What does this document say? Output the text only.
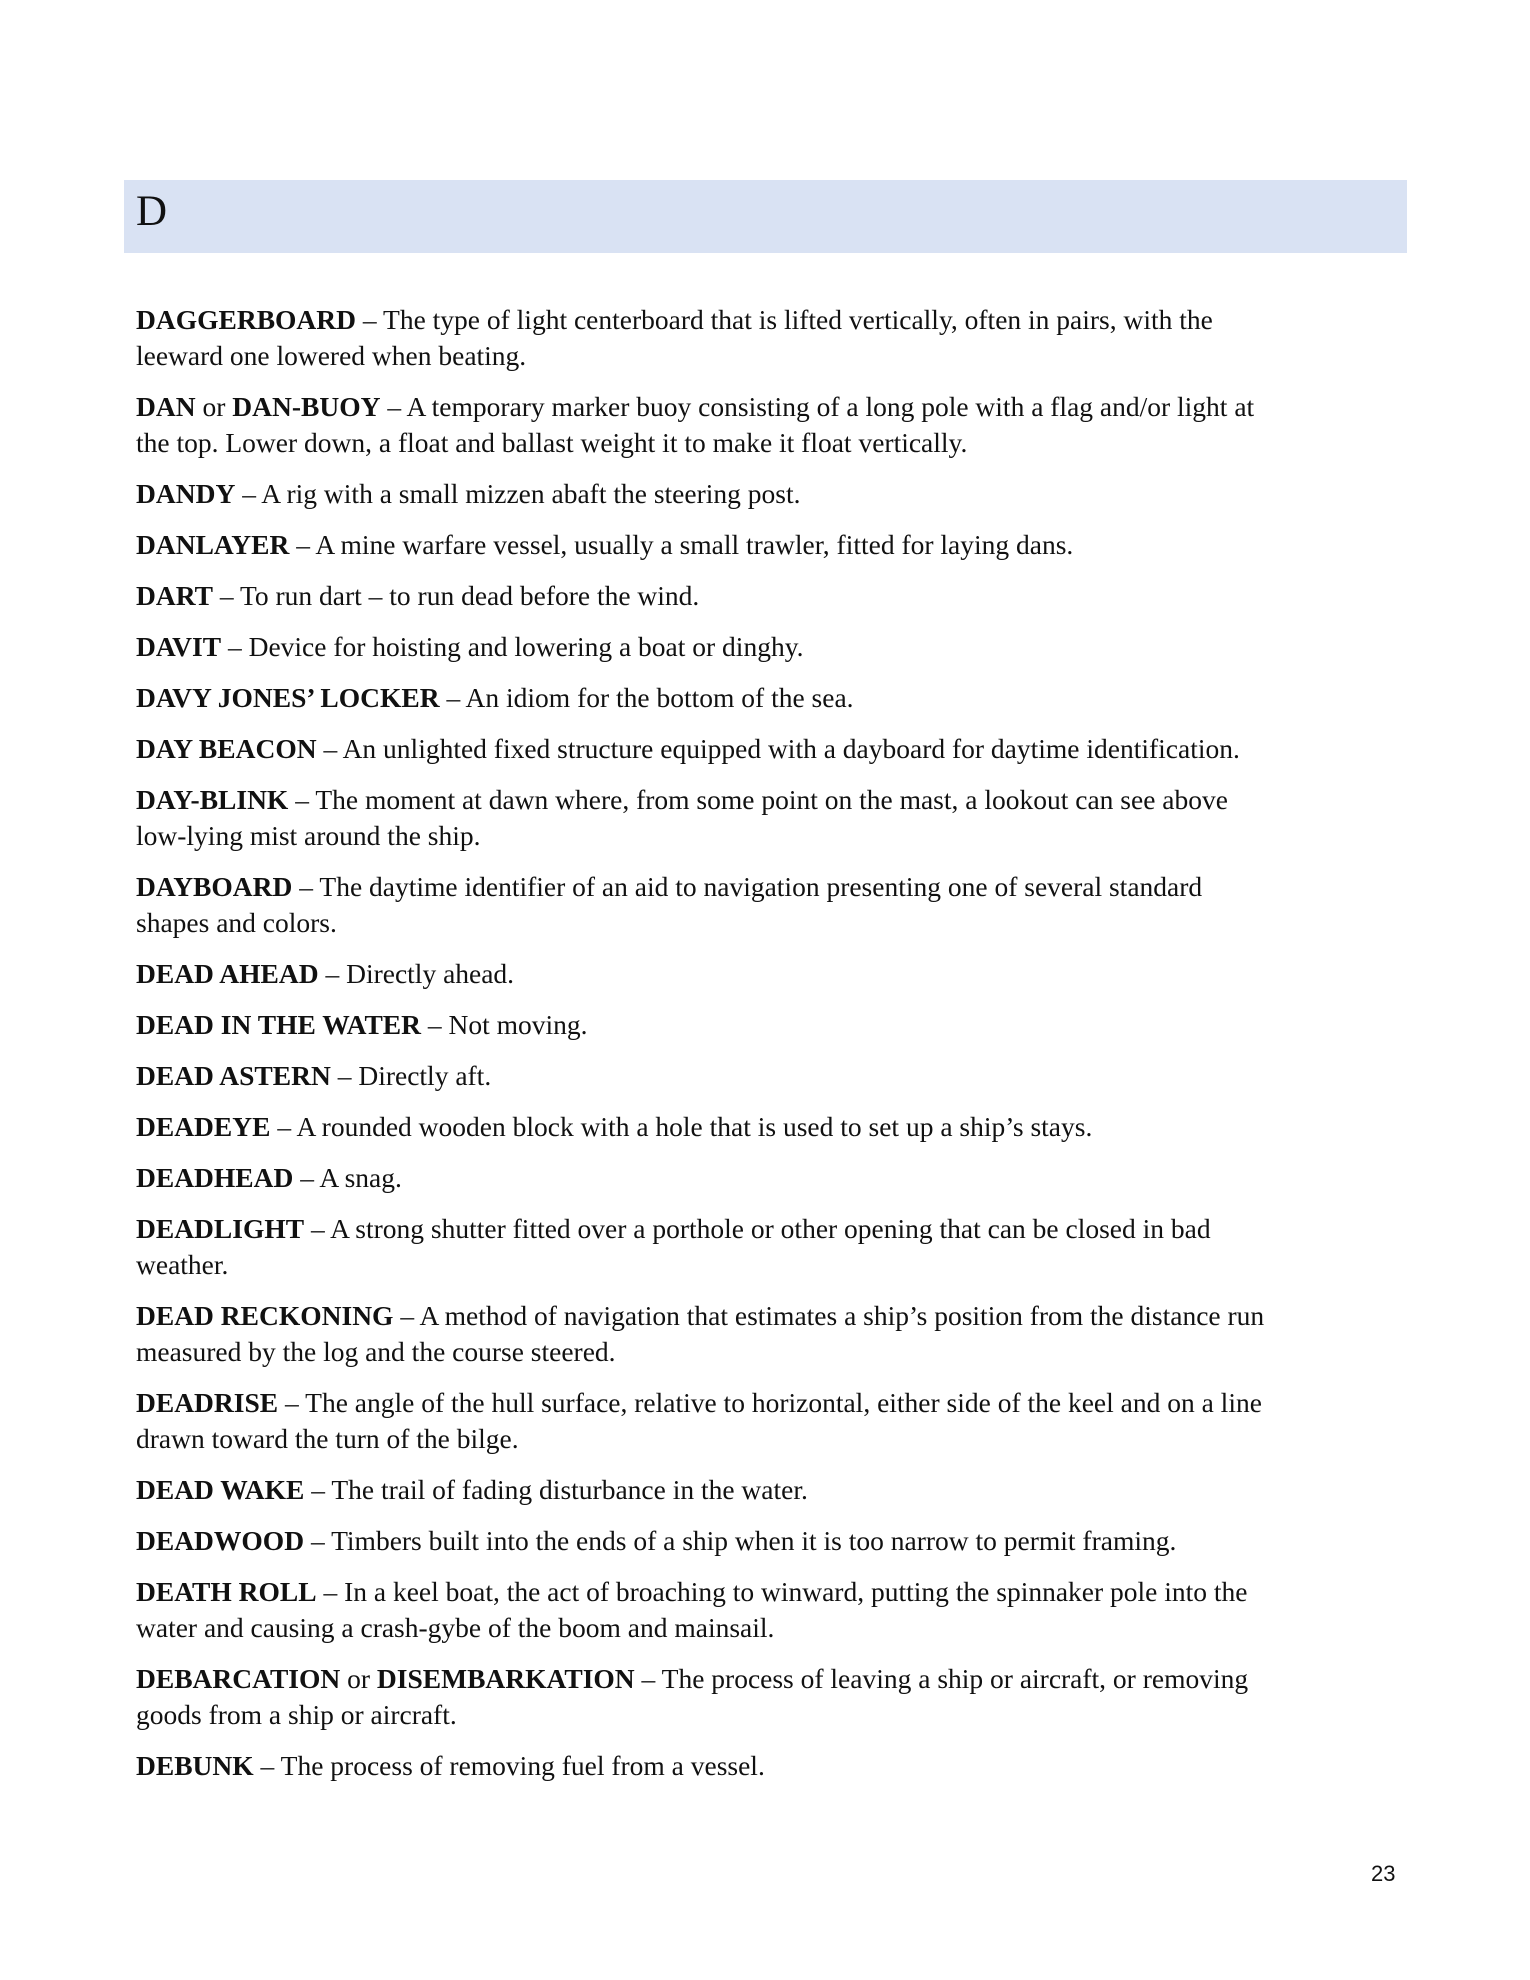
D
DAGGERBOARD – The type of light centerboard that is lifted vertically, often in pairs, with the
leeward one lowered when beating.
DAN or DAN-BUOY – A temporary marker buoy consisting of a long pole with a flag and/or light at
the top. Lower down, a float and ballast weight it to make it float vertically.
DANDY – A rig with a small mizzen abaft the steering post.
DANLAYER – A mine warfare vessel, usually a small trawler, fitted for laying dans.
DART – To run dart – to run dead before the wind.
DAVIT – Device for hoisting and lowering a boat or dinghy.
DAVY JONES’ LOCKER – An idiom for the bottom of the sea.
DAY BEACON – An unlighted fixed structure equipped with a dayboard for daytime identification.
DAY-BLINK – The moment at dawn where, from some point on the mast, a lookout can see above
low-lying mist around the ship.
DAYBOARD – The daytime identifier of an aid to navigation presenting one of several standard
shapes and colors.
DEAD AHEAD – Directly ahead.
DEAD IN THE WATER – Not moving.
DEAD ASTERN – Directly aft.
DEADEYE – A rounded wooden block with a hole that is used to set up a ship’s stays.
DEADHEAD – A snag.
DEADLIGHT – A strong shutter fitted over a porthole or other opening that can be closed in bad
weather.
DEAD RECKONING – A method of navigation that estimates a ship’s position from the distance run
measured by the log and the course steered.
DEADRISE – The angle of the hull surface, relative to horizontal, either side of the keel and on a line
drawn toward the turn of the bilge.
DEAD WAKE – The trail of fading disturbance in the water.
DEADWOOD – Timbers built into the ends of a ship when it is too narrow to permit framing.
DEATH ROLL – In a keel boat, the act of broaching to winward, putting the spinnaker pole into the
water and causing a crash-gybe of the boom and mainsail.
DEBARCATION or DISEMBARKATION – The process of leaving a ship or aircraft, or removing
goods from a ship or aircraft.
DEBUNK – The process of removing fuel from a vessel.
23
